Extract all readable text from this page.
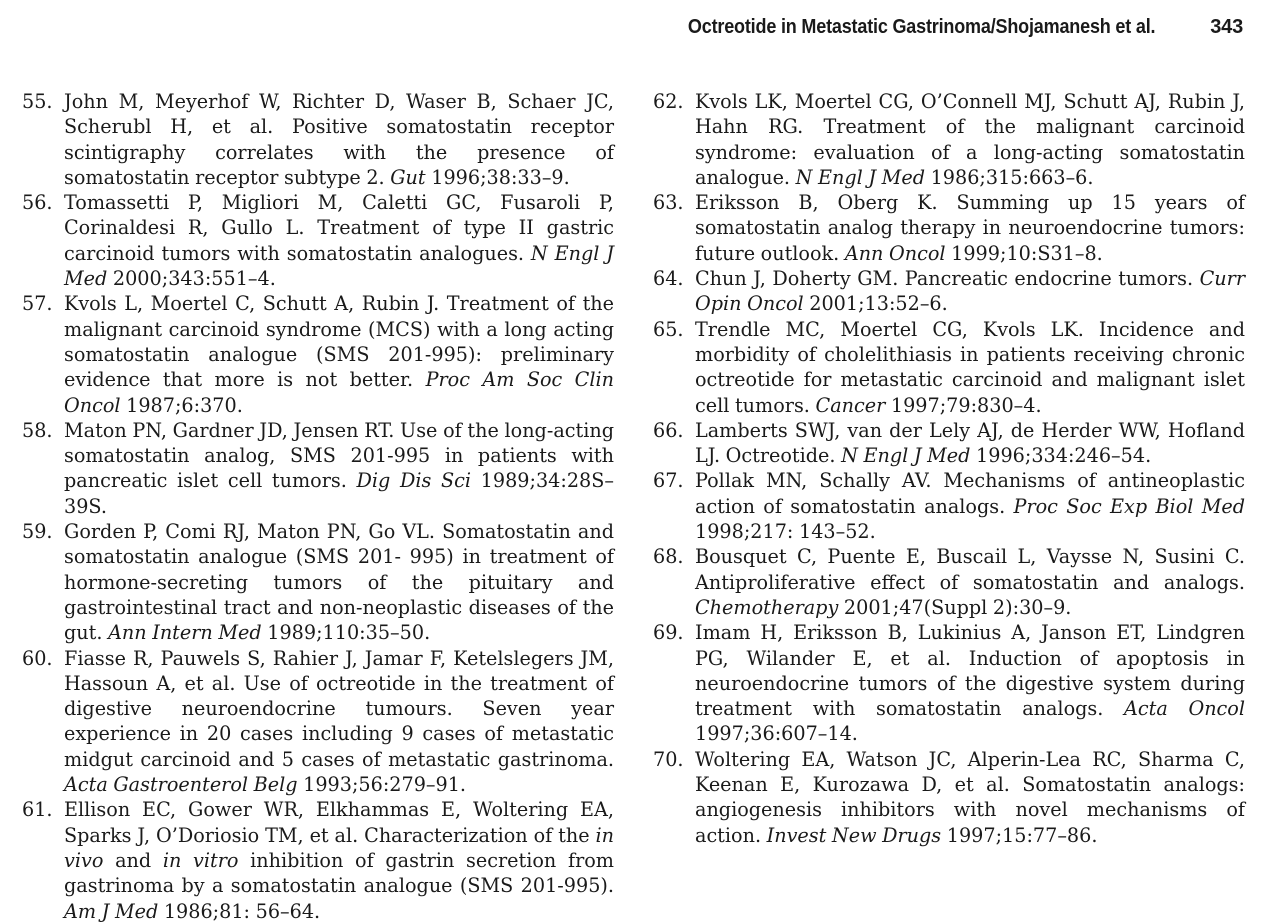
Octreotide in Metastatic Gastrinoma/Shojamanesh et al.	343
55. John M, Meyerhof W, Richter D, Waser B, Schaer JC, Scherubl H, et al. Positive somatostatin receptor scintigraphy correlates with the presence of somatostatin receptor subtype 2. Gut 1996;38:33–9.
56. Tomassetti P, Migliori M, Caletti GC, Fusaroli P, Corinaldesi R, Gullo L. Treatment of type II gastric carcinoid tumors with somatostatin analogues. N Engl J Med 2000;343:551–4.
57. Kvols L, Moertel C, Schutt A, Rubin J. Treatment of the malignant carcinoid syndrome (MCS) with a long acting somatostatin analogue (SMS 201-995): preliminary evidence that more is not better. Proc Am Soc Clin Oncol 1987;6:370.
58. Maton PN, Gardner JD, Jensen RT. Use of the long-acting somatostatin analog, SMS 201-995 in patients with pancreatic islet cell tumors. Dig Dis Sci 1989;34:28S–39S.
59. Gorden P, Comi RJ, Maton PN, Go VL. Somatostatin and somatostatin analogue (SMS 201- 995) in treatment of hormone-secreting tumors of the pituitary and gastrointestinal tract and non-neoplastic diseases of the gut. Ann Intern Med 1989;110:35–50.
60. Fiasse R, Pauwels S, Rahier J, Jamar F, Ketelslegers JM, Hassoun A, et al. Use of octreotide in the treatment of digestive neuroendocrine tumours. Seven year experience in 20 cases including 9 cases of metastatic midgut carcinoid and 5 cases of metastatic gastrinoma. Acta Gastroenterol Belg 1993;56:279–91.
61. Ellison EC, Gower WR, Elkhammas E, Woltering EA, Sparks J, O’Doriosio TM, et al. Characterization of the in vivo and in vitro inhibition of gastrin secretion from gastrinoma by a somatostatin analogue (SMS 201-995). Am J Med 1986;81: 56–64.
62. Kvols LK, Moertel CG, O’Connell MJ, Schutt AJ, Rubin J, Hahn RG. Treatment of the malignant carcinoid syndrome: evaluation of a long-acting somatostatin analogue. N Engl J Med 1986;315:663–6.
63. Eriksson B, Oberg K. Summing up 15 years of somatostatin analog therapy in neuroendocrine tumors: future outlook. Ann Oncol 1999;10:S31–8.
64. Chun J, Doherty GM. Pancreatic endocrine tumors. Curr Opin Oncol 2001;13:52–6.
65. Trendle MC, Moertel CG, Kvols LK. Incidence and morbidity of cholelithiasis in patients receiving chronic octreotide for metastatic carcinoid and malignant islet cell tumors. Cancer 1997;79:830–4.
66. Lamberts SWJ, van der Lely AJ, de Herder WW, Hofland LJ. Octreotide. N Engl J Med 1996;334:246–54.
67. Pollak MN, Schally AV. Mechanisms of antineoplastic action of somatostatin analogs. Proc Soc Exp Biol Med 1998;217: 143–52.
68. Bousquet C, Puente E, Buscail L, Vaysse N, Susini C. Antiproliferative effect of somatostatin and analogs. Chemotherapy 2001;47(Suppl 2):30–9.
69. Imam H, Eriksson B, Lukinius A, Janson ET, Lindgren PG, Wilander E, et al. Induction of apoptosis in neuroendocrine tumors of the digestive system during treatment with somatostatin analogs. Acta Oncol 1997;36:607–14.
70. Woltering EA, Watson JC, Alperin-Lea RC, Sharma C, Keenan E, Kurozawa D, et al. Somatostatin analogs: angiogenesis inhibitors with novel mechanisms of action. Invest New Drugs 1997;15:77–86.
